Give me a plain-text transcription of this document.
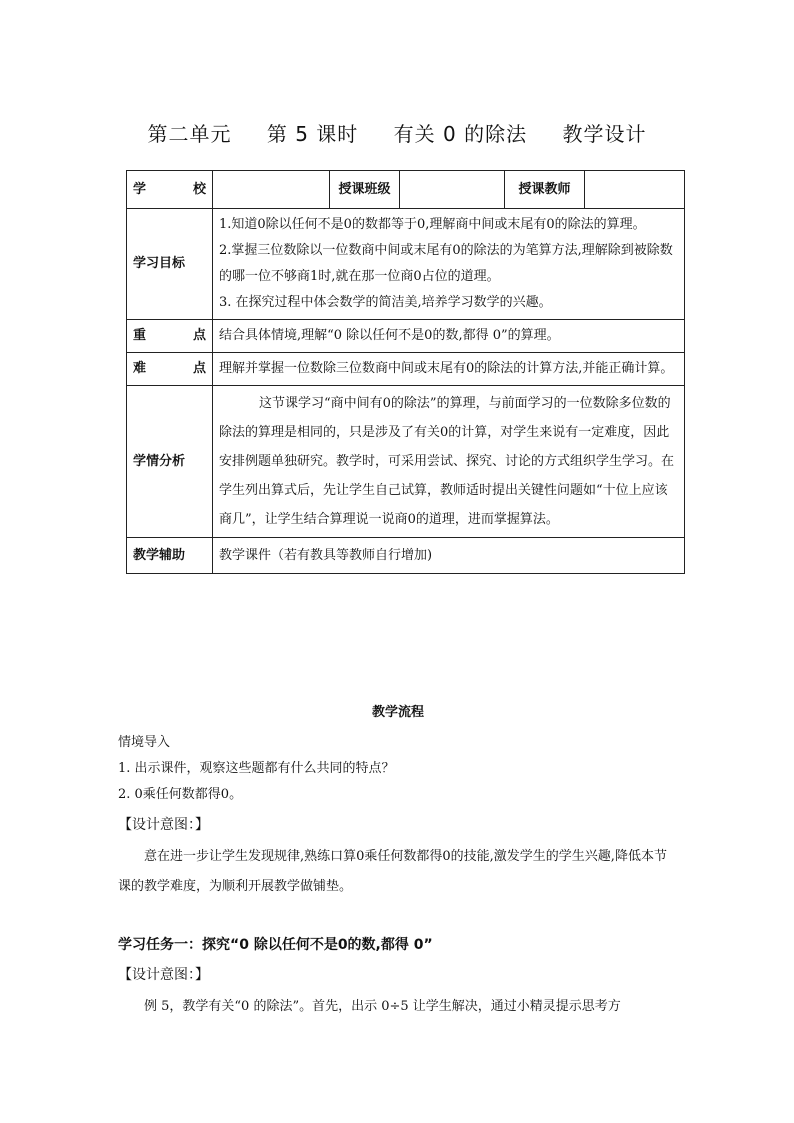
第二单元 第 5 课时 有关 0 的除法 教学设计
学　　校		授课班级		授课教师	
学习目标	1.知道0除以任何不是0的数都等于0,理解商中间或末尾有0的除法的算理。
2.掌握三位数除以一位数商中间或末尾有0的除法的为笔算方法,理解除到被除数的哪一位不够商1时,就在那一位商0占位的道理。
3. 在探究过程中体会数学的简洁美,培养学习数学的兴趣。				

重　　点	结合具体情境,理解“0 除以任何不是0的数,都得 0”的算理。				
难　　点	理解并掌握一位数除三位数商中间或末尾有0的除法的计算方法,并能正确计算。				
学情分析	这节课学习“商中间有0的除法”的算理，与前面学习的一位数除多位数的除法的算理是相同的，只是涉及了有关0的计算，对学生来说有一定难度，因此安排例题单独研究。教学时，可采用尝试、探究、讨论的方式组织学生学习。在学生列出算式后，先让学生自己试算，教师适时提出关键性问题如“十位上应该商几”，让学生结合算理说一说商0的道理，进而掌握算法。				
教学辅助	教学课件（若有教具等教师自行增加)				

教学流程

情境导入

1. 出示课件，观察这些题都有什么共同的特点？

2. 0乘任何数都得0。

【设计意图：】

意在进一步让学生发现规律,熟练口算0乘任何数都得0的技能,激发学生的学生兴趣,降低本节课的教学难度，为顺利开展教学做铺垫。

学习任务一：探究“0 除以任何不是0的数,都得 0”

【设计意图：】

例 5，教学有关“0 的除法”。首先，出示 0÷5 让学生解决，通过小精灵提示思考方
